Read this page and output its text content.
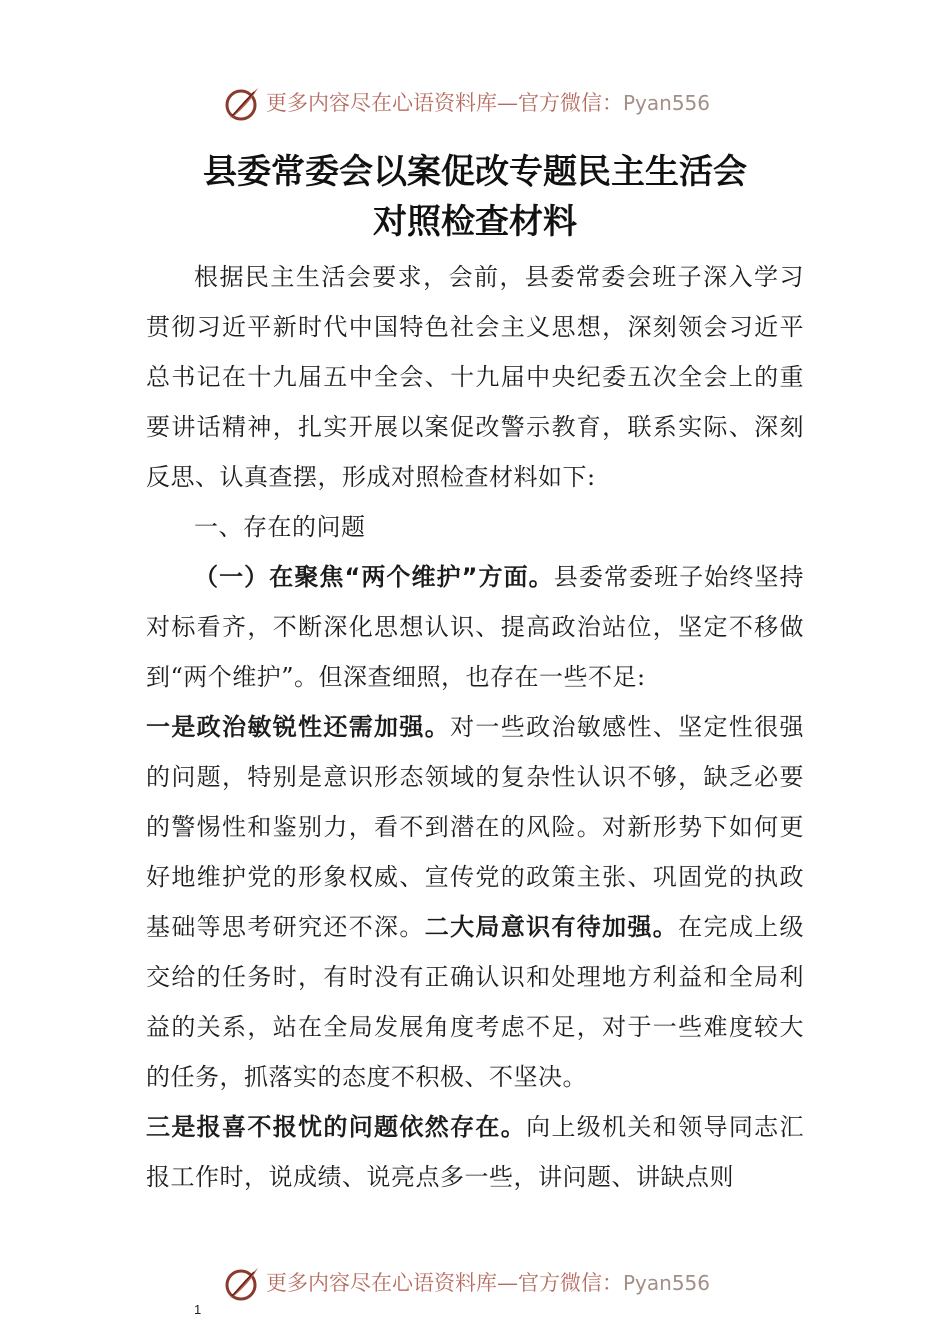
更多内容尽在心语资料库—官方微信：Pyan556
县委常委会以案促改专题民主生活会
对照检查材料

根据民主生活会要求，会前，县委常委会班子深入学习贯彻习近平新时代中国特色社会主义思想，深刻领会习近平总书记在十九届五中全会、十九届中央纪委五次全会上的重要讲话精神，扎实开展以案促改警示教育，联系实际、深刻反思、认真查摆，形成对照检查材料如下:

一、存在的问题

（一）在聚焦“两个维护”方面。县委常委班子始终坚持对标看齐，不断深化思想认识、提高政治站位，坚定不移做到“两个维护”。但深查细照，也存在一些不足:

一是政治敏锐性还需加强。对一些政治敏感性、坚定性很强的问题，特别是意识形态领域的复杂性认识不够，缺乏必要的警惕性和鉴别力，看不到潜在的风险。对新形势下如何更好地维护党的形象权威、宣传党的政策主张、巩固党的执政基础等思考研究还不深。二大局意识有待加强。在完成上级交给的任务时，有时没有正确认识和处理地方利益和全局利益的关系，站在全局发展角度考虑不足，对于一些难度较大的任务，抓落实的态度不积极、不坚决。

三是报喜不报忧的问题依然存在。向上级机关和领导同志汇报工作时，说成绩、说亮点多一些，讲问题、讲缺点则

更多内容尽在心语资料库—官方微信：Pyan556
1
